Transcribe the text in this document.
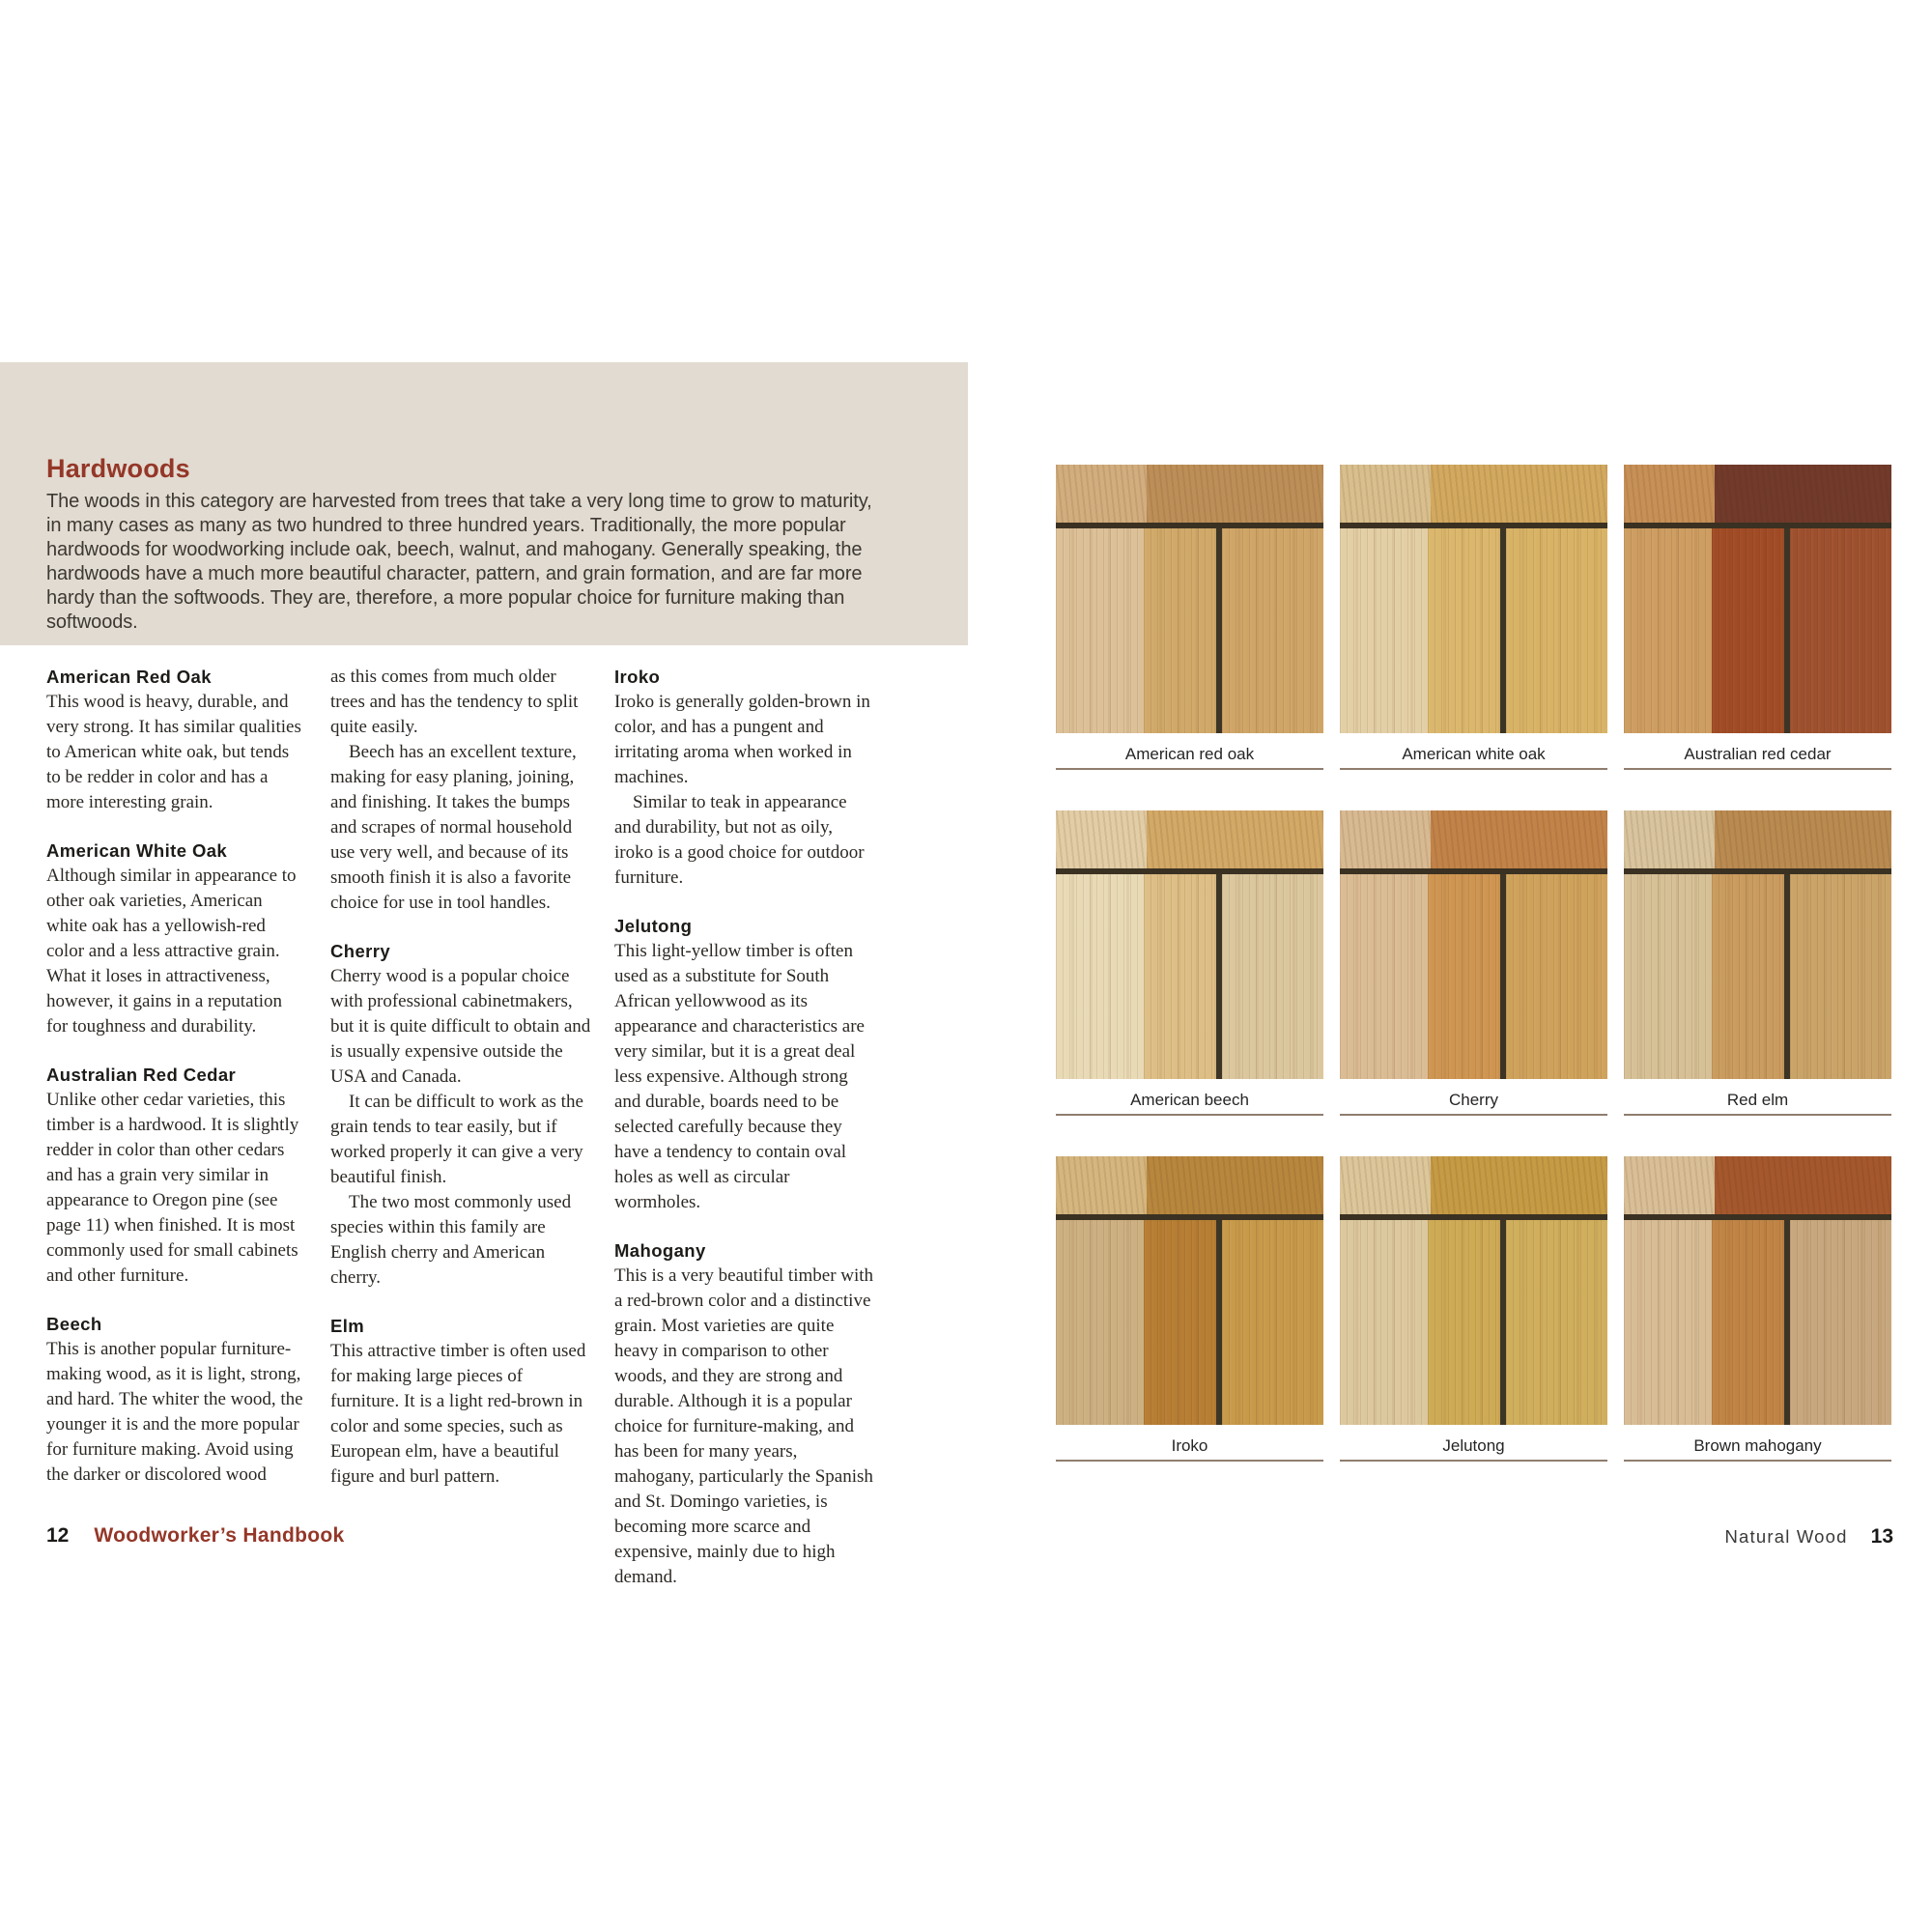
Hardwoods

The woods in this category are harvested from trees that take a very long time to grow to maturity, in many cases as many as two hundred to three hundred years. Traditionally, the more popular hardwoods for woodworking include oak, beech, walnut, and mahogany. Generally speaking, the hardwoods have a much more beautiful character, pattern, and grain formation, and are far more hardy than the softwoods. They are, therefore, a more popular choice for furniture making than softwoods.

American Red Oak

This wood is heavy, durable, and very strong. It has similar qualities to American white oak, but tends to be redder in color and has a more interesting grain.

American White Oak

Although similar in appearance to other oak varieties, American white oak has a yellowish-red color and a less attractive grain. What it loses in attractiveness, however, it gains in a reputation for toughness and durability.

Australian Red Cedar

Unlike other cedar varieties, this timber is a hardwood. It is slightly redder in color than other cedars and has a grain very similar in appearance to Oregon pine (see page 11) when finished. It is most commonly used for small cabinets and other furniture.

Beech

This is another popular furniture-making wood, as it is light, strong, and hard. The whiter the wood, the younger it is and the more popular for furniture making. Avoid using the darker or discolored wood

as this comes from much older trees and has the tendency to split quite easily.

Beech has an excellent texture, making for easy planing, joining, and finishing. It takes the bumps and scrapes of normal household use very well, and because of its smooth finish it is also a favorite choice for use in tool handles.

Cherry

Cherry wood is a popular choice with professional cabinetmakers, but it is quite difficult to obtain and is usually expensive outside the USA and Canada.

It can be difficult to work as the grain tends to tear easily, but if worked properly it can give a very beautiful finish.

The two most commonly used species within this family are English cherry and American cherry.

Elm

This attractive timber is often used for making large pieces of furniture. It is a light red-brown in color and some species, such as European elm, have a beautiful figure and burl pattern.

Iroko

Iroko is generally golden-brown in color, and has a pungent and irritating aroma when worked in machines.

Similar to teak in appearance and durability, but not as oily, iroko is a good choice for outdoor furniture.

Jelutong

This light-yellow timber is often used as a substitute for South African yellowwood as its appearance and characteristics are very similar, but it is a great deal less expensive. Although strong and durable, boards need to be selected carefully because they have a tendency to contain oval holes as well as circular wormholes.

Mahogany

This is a very beautiful timber with a red-brown color and a distinctive grain. Most varieties are quite heavy in comparison to other woods, and they are strong and durable. Although it is a popular choice for furniture-making, and has been for many years, mahogany, particularly the Spanish and St. Domingo varieties, is becoming more scarce and expensive, mainly due to high demand.

12 Woodworker’s Handbook
American red oak	American white oak	Australian red cedar
American beech	Cherry	Red elm
Iroko	Jelutong	Brown mahogany
Natural Wood 13
